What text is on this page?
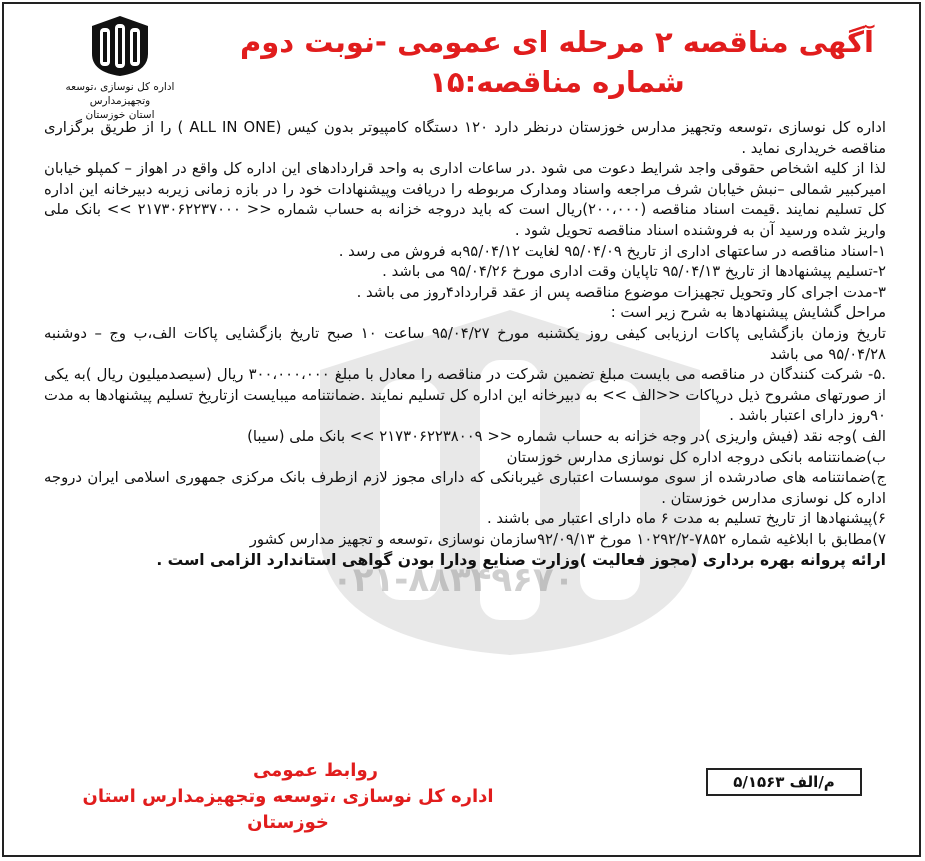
اداره کل نوسازی ،توسعه وتجهیزمدارس
استان خوزستان
آگهی مناقصه ۲ مرحله ای عمومی -نوبت دوم
شماره مناقصه:۱۵
۰۲۱-۸۸۳۴۹۶۷۰

اداره کل نوسازی ،توسعه وتجهیز مدارس خوزستان درنظر دارد ۱۲۰ دستگاه کامپیوتر بدون کیس (ALL IN ONE ) را از طریق برگزاری مناقصه خریداری نماید .

لذا از کلیه اشخاص حقوقی واجد شرایط دعوت می شود .در ساعات اداری به واحد قراردادهای این اداره کل واقع در اهواز – کمپلو خیابان امیرکبیر شمالی –نبش خیابان شرف مراجعه واسناد ومدارک مربوطه را دریافت وپیشنهادات خود را در بازه زمانی زیربه دبیرخانه این اداره کل تسلیم نمایند .قیمت اسناد مناقصه (۲۰۰،۰۰۰)ریال است که باید دروجه خزانه به حساب شماره << ۲۱۷۳۰۶۲۲۳۷۰۰۰ >> بانک ملی واریز شده ورسید آن به فروشنده اسناد مناقصه تحویل شود .

۱-اسناد مناقصه در ساعتهای اداری از تاریخ ۹۵/۰۴/۰۹ لغایت ۹۵/۰۴/۱۲به فروش می رسد .

۲-تسلیم پیشنهادها از تاریخ ۹۵/۰۴/۱۳ تاپایان وقت اداری مورخ ۹۵/۰۴/۲۶ می باشد .

۳-مدت اجرای کار وتحویل تجهیزات موضوع مناقصه پس از عقد قرارداد۴روز می باشد .

مراحل گشایش پیشنهادها به شرح زیر است :

تاریخ وزمان بازگشایی پاکات ارزیابی کیفی روز یکشنبه مورخ ۹۵/۰۴/۲۷ ساعت ۱۰ صبح تاریخ بازگشایی پاکات الف،ب وج – دوشنبه ۹۵/۰۴/۲۸ می باشد

.۵- شرکت کنندگان در مناقصه می بایست مبلغ تضمین شرکت در مناقصه را معادل با مبلغ ۳۰۰،۰۰۰،۰۰۰ ریال (سیصدمیلیون ریال )به یکی از صورتهای مشروح ذیل درپاکات <<الف >> به دبیرخانه این اداره کل تسلیم نمایند .ضمانتنامه میبایست ازتاریخ تسلیم پیشنهادها به مدت ۹۰روز دارای اعتبار باشد .

الف )وجه نقد (فیش واریزی )در وجه خزانه به حساب شماره << ۲۱۷۳۰۶۲۲۳۸۰۰۹ >> بانک ملی (سیبا)

ب)ضمانتنامه بانکی دروجه اداره کل نوسازی مدارس خوزستان

ج)ضمانتنامه های صادرشده از سوی موسسات اعتباری غیربانکی که دارای مجوز لازم ازطرف بانک مرکزی جمهوری اسلامی ایران دروجه اداره کل نوسازی مدارس خوزستان .

۶)پیشنهادها از تاریخ تسلیم به مدت ۶ ماه دارای اعتبار می باشند .

۷)مطابق با ابلاغیه شماره ۷۸۵۲-۱۰۲۹۲/۲ مورخ ۹۲/۰۹/۱۳سازمان نوسازی ،توسعه و تجهیز مدارس کشور

ارائه پروانه بهره برداری (مجوز فعالیت )وزارت صنایع ودارا بودن گواهی استاندارد الزامی است .

م/الف ۵/۱۵۶۳
روابط عمومی
اداره کل نوسازی ،توسعه وتجهیزمدارس استان خوزستان
